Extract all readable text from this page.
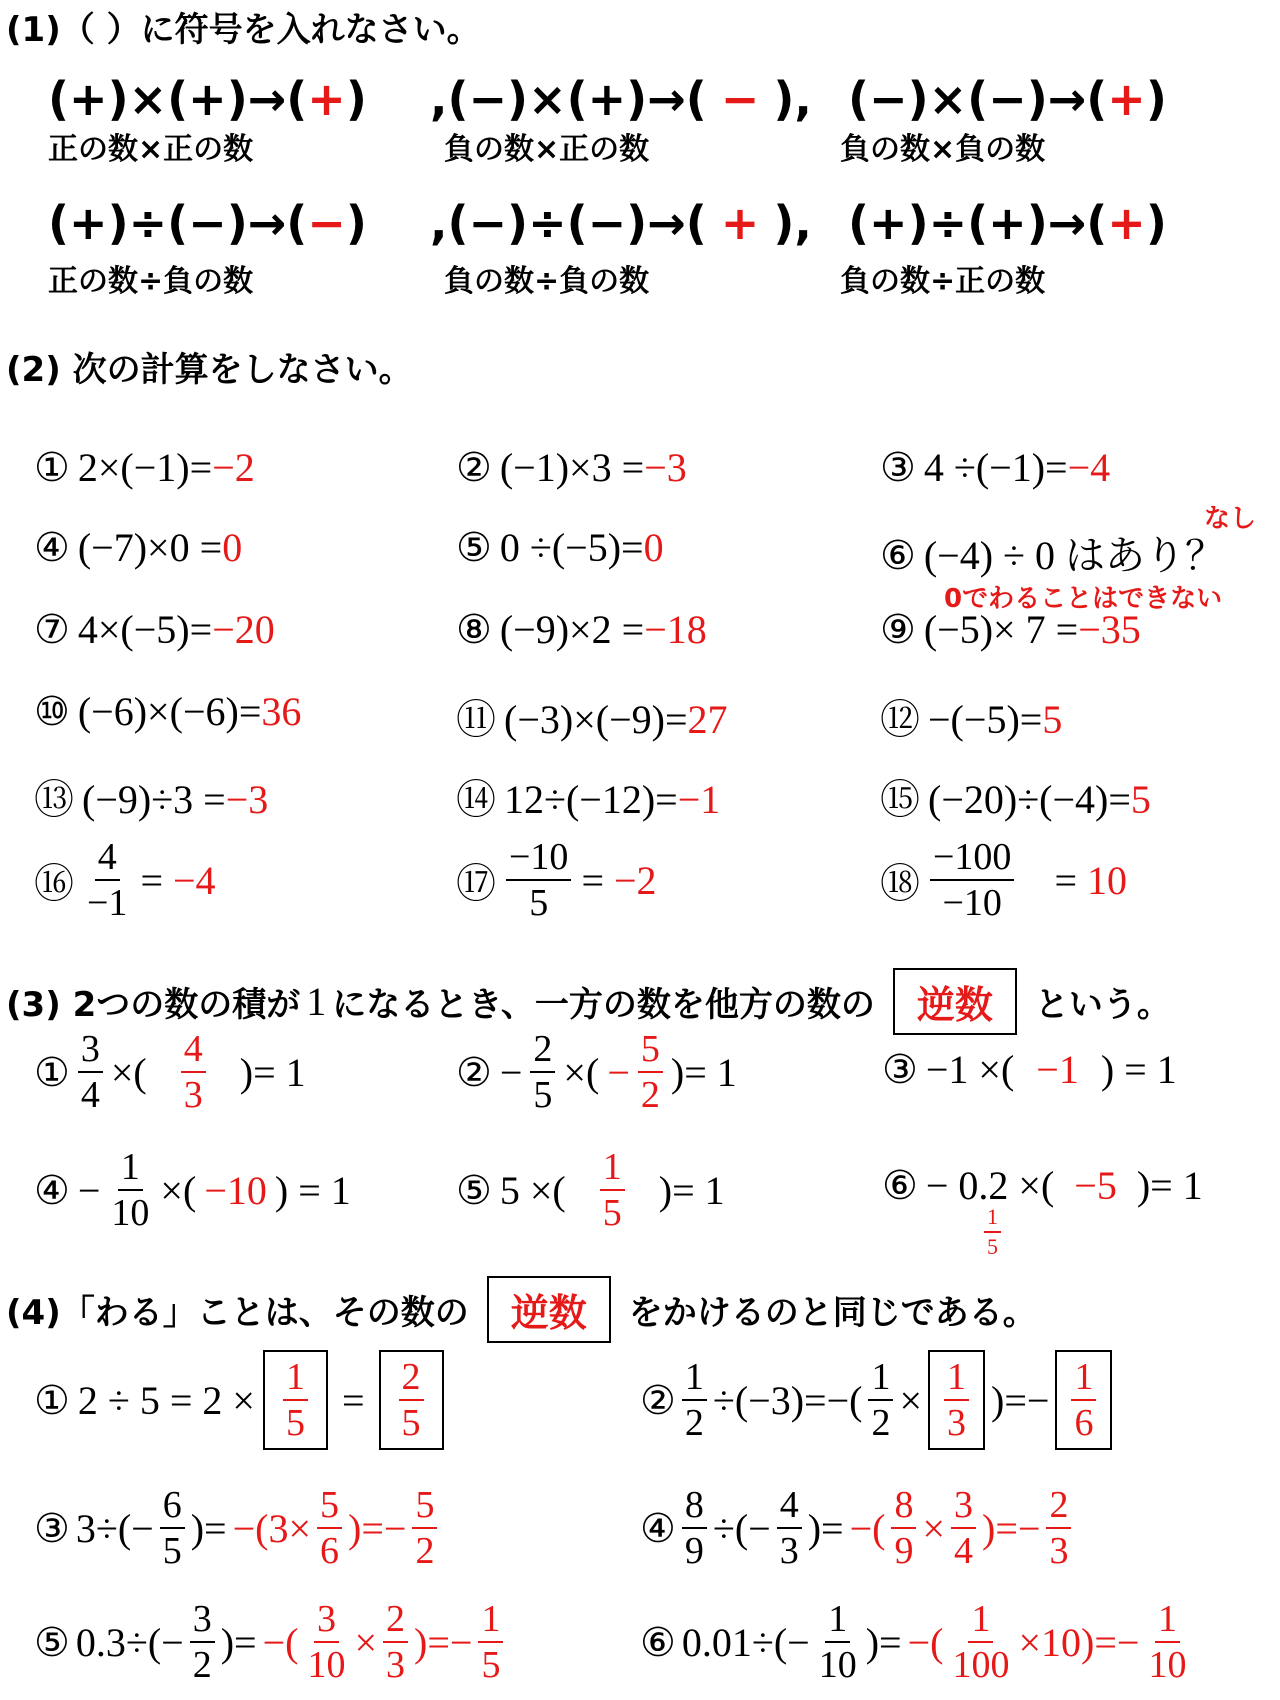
(1)（ ）に符号を入れなさい。
(+)×(+)→(+)
正の数×正の数
,(−)×(+)→( − ),
負の数×正の数
(−)×(−)→(+)
負の数×負の数
(+)÷(−)→(−)
正の数÷負の数
,(−)÷(−)→( + ),
負の数÷負の数
(+)÷(+)→(+)
負の数÷正の数
(2) 次の計算をしなさい。
① 2×(−1)=−2	② (−1)×3 =−3	③ 4 ÷(−1)=−4
④ (−7)×0 =0	⑤ 0 ÷(−5)=0	⑥ (−4) ÷ 0 はあり？
⑦ 4×(−5)=−20	⑧ (−9)×2 =−18	⑨ (−5)× 7 =−35
⑩ (−6)×(−6)=36	⑪ (−3)×(−9)=27	⑫ −(−5)=5
⑬ (−9)÷3 =−3	⑭ 12÷(−12)=−1	⑮ (−20)÷(−4)=5
なし
0でわることはできない
⑯ $\frac{4}{-1} = -4$	⑰ $\frac{-10}{5} = -2$	⑱ $\frac{-100}{-10} = 10$
(3) 2つの数の積が 1 になるとき、一方の数を他方の数の	逆数	という。
① $\frac{3}{4}$ ×( $\frac{4}{3}$ )= 1	② − $\frac{2}{5}$ ×( − $\frac{5}{2}$ )= 1	③ −1 ×( −1 ) = 1
④ − $\frac{1}{10}$ ×( −10 ) = 1	⑤ 5 ×( $\frac{1}{5}$ )= 1	⑥ − 0.2 ×( −5 )= 1
$\frac{1}{5}$
(4)「わる」ことは、その数の	逆数	をかけるのと同じである。
① $2 \div 5 = 2 \times \frac{1}{5} = \frac{2}{5}$	② $\frac{1}{2} \div(-3)=-( \frac{1}{2} \times \frac{1}{3}$ )=− $\frac{1}{6}$
③ $3\div(- \frac{6}{5}$ )= $-(3\times \frac{5}{6}$ )=− $\frac{5}{2}$	④ $\frac{8}{9}$ ÷(− $\frac{4}{3}$ )= −( $\frac{8}{9} \times \frac{3}{4}$ )=− $\frac{2}{3}$
⑤ $0.3\div(- \frac{3}{2}$ )= −( $\frac{3}{10} \times \frac{2}{3}$ )=− $\frac{1}{5}$	⑥ $0.01\div(- \frac{1}{10}$ )= −( $\frac{1}{100} \times 10)=- \frac{1}{10}$
